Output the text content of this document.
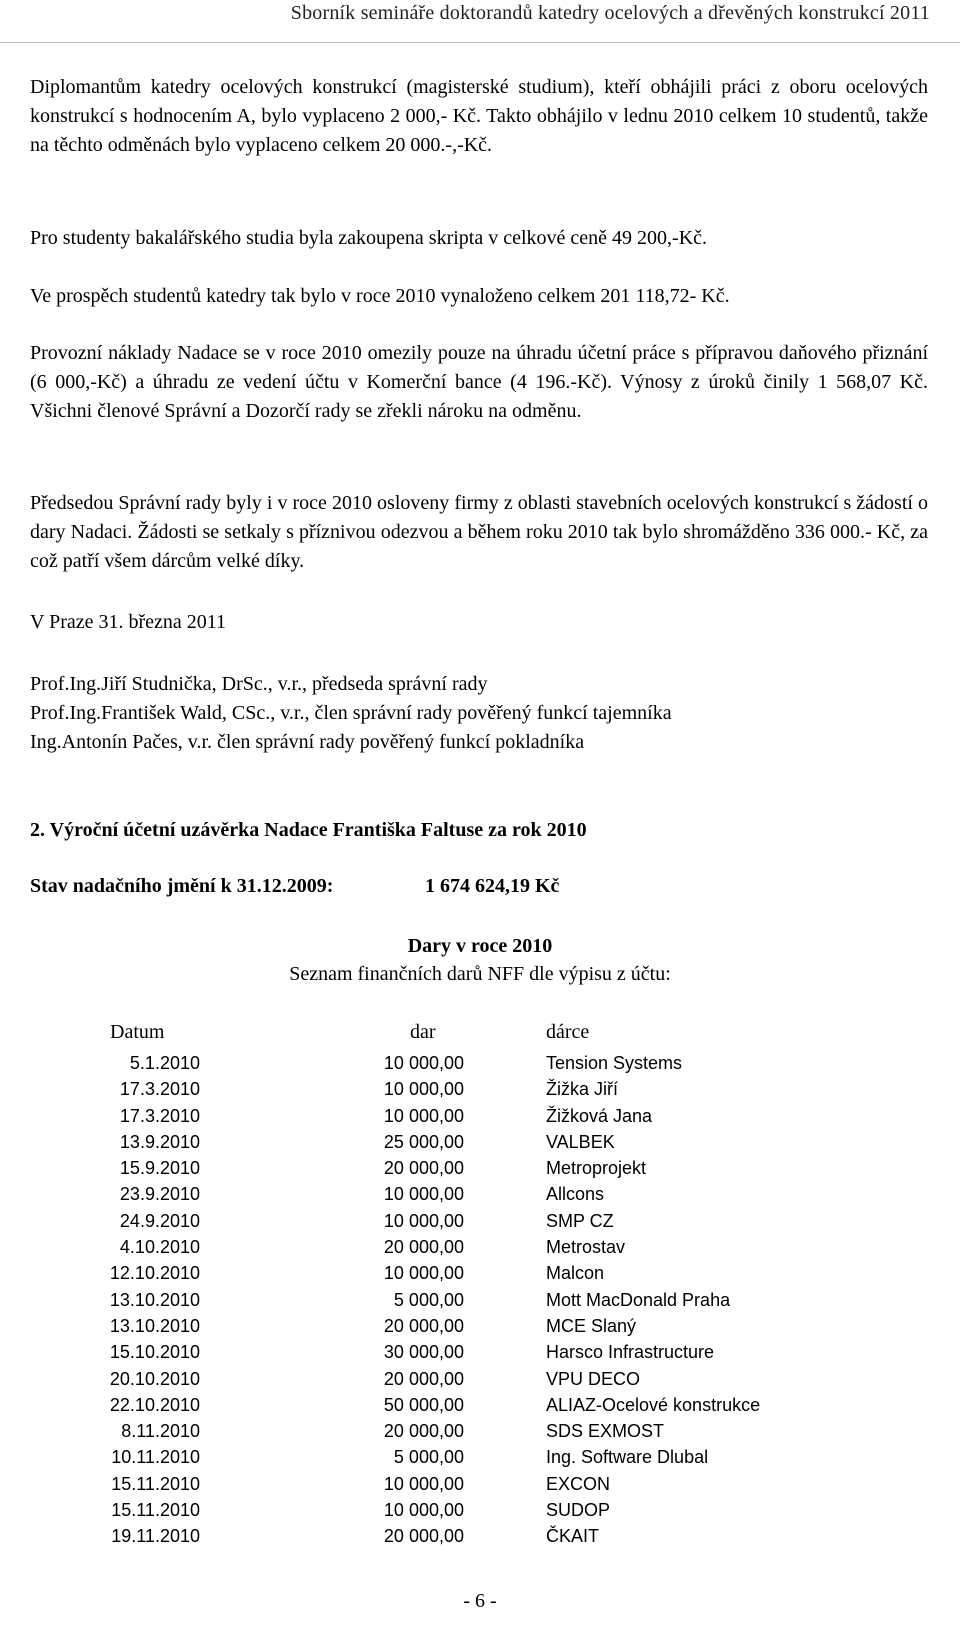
Sborník semináře doktorandů katedry ocelových a dřevěných konstrukcí 2011

Diplomantům katedry ocelových konstrukcí (magisterské studium), kteří obhájili práci z oboru ocelových konstrukcí s hodnocením A, bylo vyplaceno 2 000,- Kč. Takto obhájilo v lednu 2010 celkem 10 studentů, takže na těchto odměnách bylo vyplaceno celkem 20 000.-,-Kč.

Pro studenty bakalářského studia byla zakoupena skripta v celkové ceně 49 200,-Kč.

Ve prospěch studentů katedry tak bylo v roce 2010 vynaloženo celkem 201 118,72- Kč.

Provozní náklady Nadace se v roce 2010 omezily pouze na úhradu účetní práce s přípravou daňového přiznání (6 000,-Kč) a úhradu ze vedení účtu v Komerční bance (4 196.-Kč). Výnosy z úroků činily 1 568,07 Kč. Všichni členové Správní a Dozorčí rady se zřekli nároku na odměnu.

Předsedou Správní rady byly i v roce 2010 osloveny firmy z oblasti stavebních ocelových konstrukcí s žádostí o dary Nadaci. Žádosti se setkaly s příznivou odezvou a během roku 2010 tak bylo shromážděno 336 000.- Kč, za což patří všem dárcům velké díky.

V Praze 31. března 2011
Prof.Ing.Jiří Studnička, DrSc., v.r., předseda správní rady
Prof.Ing.František Wald, CSc., v.r., člen správní rady pověřený funkcí tajemníka
Ing.Antonín Pačes, v.r. člen správní rady pověřený funkcí pokladníka
2. Výroční účetní uzávěrka Nadace Františka Faltuse za rok 2010
Stav nadačního jmění k 31.12.2009:	1 674 624,19 Kč
Dary v roce 2010
Seznam finančních darů NFF dle výpisu z účtu:
Datum	dar	dárce
5.1.2010	10 000,00	Tension Systems
17.3.2010	10 000,00	Žižka Jiří
17.3.2010	10 000,00	Žižková Jana
13.9.2010	25 000,00	VALBEK
15.9.2010	20 000,00	Metroprojekt
23.9.2010	10 000,00	Allcons
24.9.2010	10 000,00	SMP CZ
4.10.2010	20 000,00	Metrostav
12.10.2010	10 000,00	Malcon
13.10.2010	5 000,00	Mott MacDonald Praha
13.10.2010	20 000,00	MCE Slaný
15.10.2010	30 000,00	Harsco Infrastructure
20.10.2010	20 000,00	VPU DECO
22.10.2010	50 000,00	ALIAZ-Ocelové konstrukce
8.11.2010	20 000,00	SDS EXMOST
10.11.2010	5 000,00	Ing. Software Dlubal
15.11.2010	10 000,00	EXCON
15.11.2010	10 000,00	SUDOP
19.11.2010	20 000,00	ČKAIT
- 6 -
